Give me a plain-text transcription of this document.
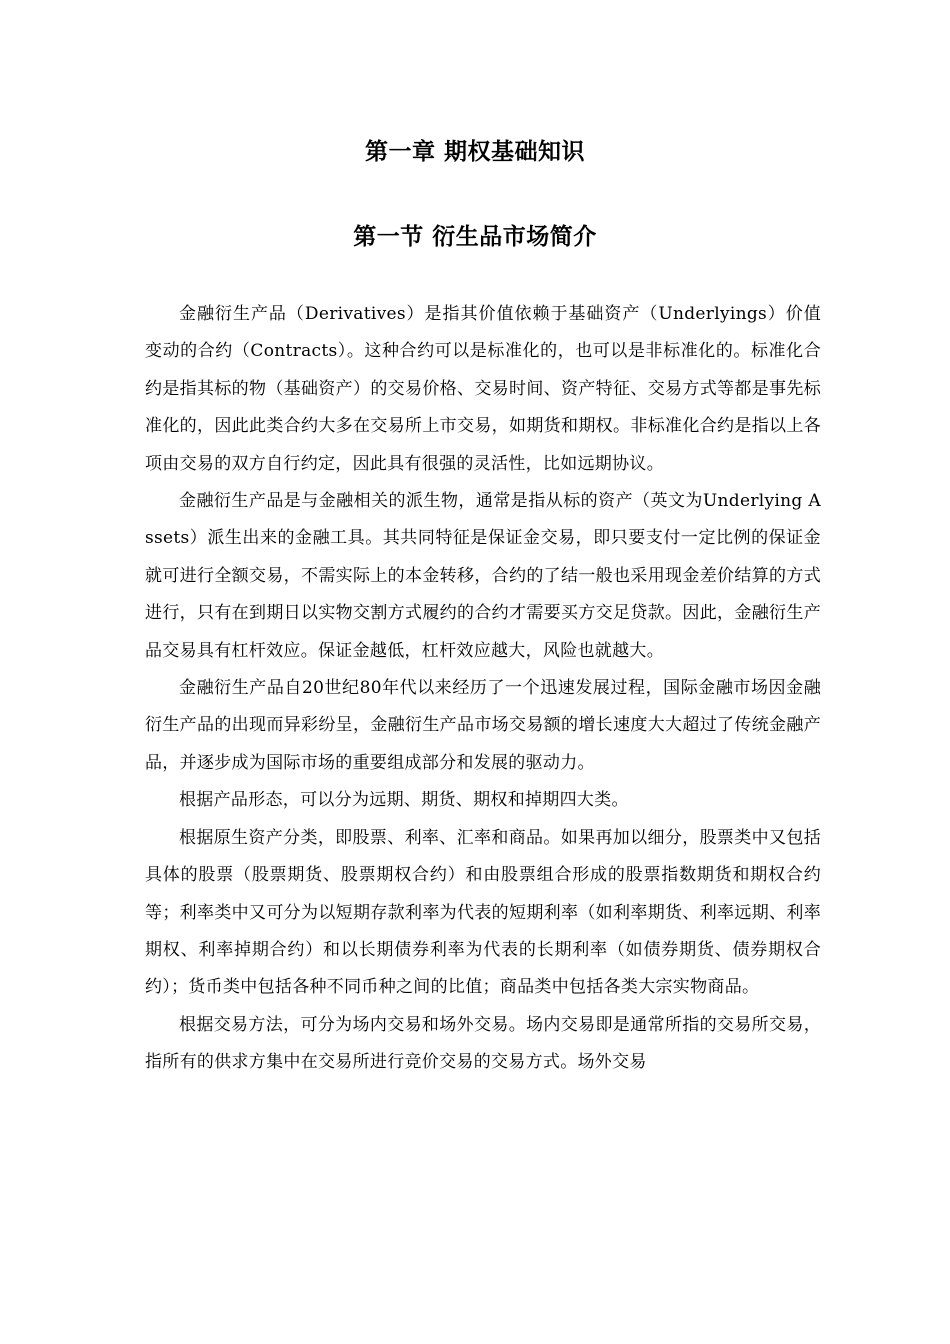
第一章 期权基础知识
第一节 衍生品市场简介

金融衍生产品（Derivatives）是指其价值依赖于基础资产（Underlyings）价值变动的合约（Contracts）。这种合约可以是标准化的，也可以是非标准化的。标准化合约是指其标的物（基础资产）的交易价格、交易时间、资产特征、交易方式等都是事先标准化的，因此此类合约大多在交易所上市交易，如期货和期权。非标准化合约是指以上各项由交易的双方自行约定，因此具有很强的灵活性，比如远期协议。

金融衍生产品是与金融相关的派生物，通常是指从标的资产（英文为Underlying Assets）派生出来的金融工具。其共同特征是保证金交易，即只要支付一定比例的保证金就可进行全额交易，不需实际上的本金转移，合约的了结一般也采用现金差价结算的方式进行，只有在到期日以实物交割方式履约的合约才需要买方交足贷款。因此，金融衍生产品交易具有杠杆效应。保证金越低，杠杆效应越大，风险也就越大。

金融衍生产品自20世纪80年代以来经历了一个迅速发展过程，国际金融市场因金融衍生产品的出现而异彩纷呈，金融衍生产品市场交易额的增长速度大大超过了传统金融产品，并逐步成为国际市场的重要组成部分和发展的驱动力。

根据产品形态，可以分为远期、期货、期权和掉期四大类。

根据原生资产分类，即股票、利率、汇率和商品。如果再加以细分，股票类中又包括具体的股票（股票期货、股票期权合约）和由股票组合形成的股票指数期货和期权合约等；利率类中又可分为以短期存款利率为代表的短期利率（如利率期货、利率远期、利率期权、利率掉期合约）和以长期债券利率为代表的长期利率（如债券期货、债券期权合约）；货币类中包括各种不同币种之间的比值；商品类中包括各类大宗实物商品。

根据交易方法，可分为场内交易和场外交易。场内交易即是通常所指的交易所交易，指所有的供求方集中在交易所进行竞价交易的交易方式。场外交易
